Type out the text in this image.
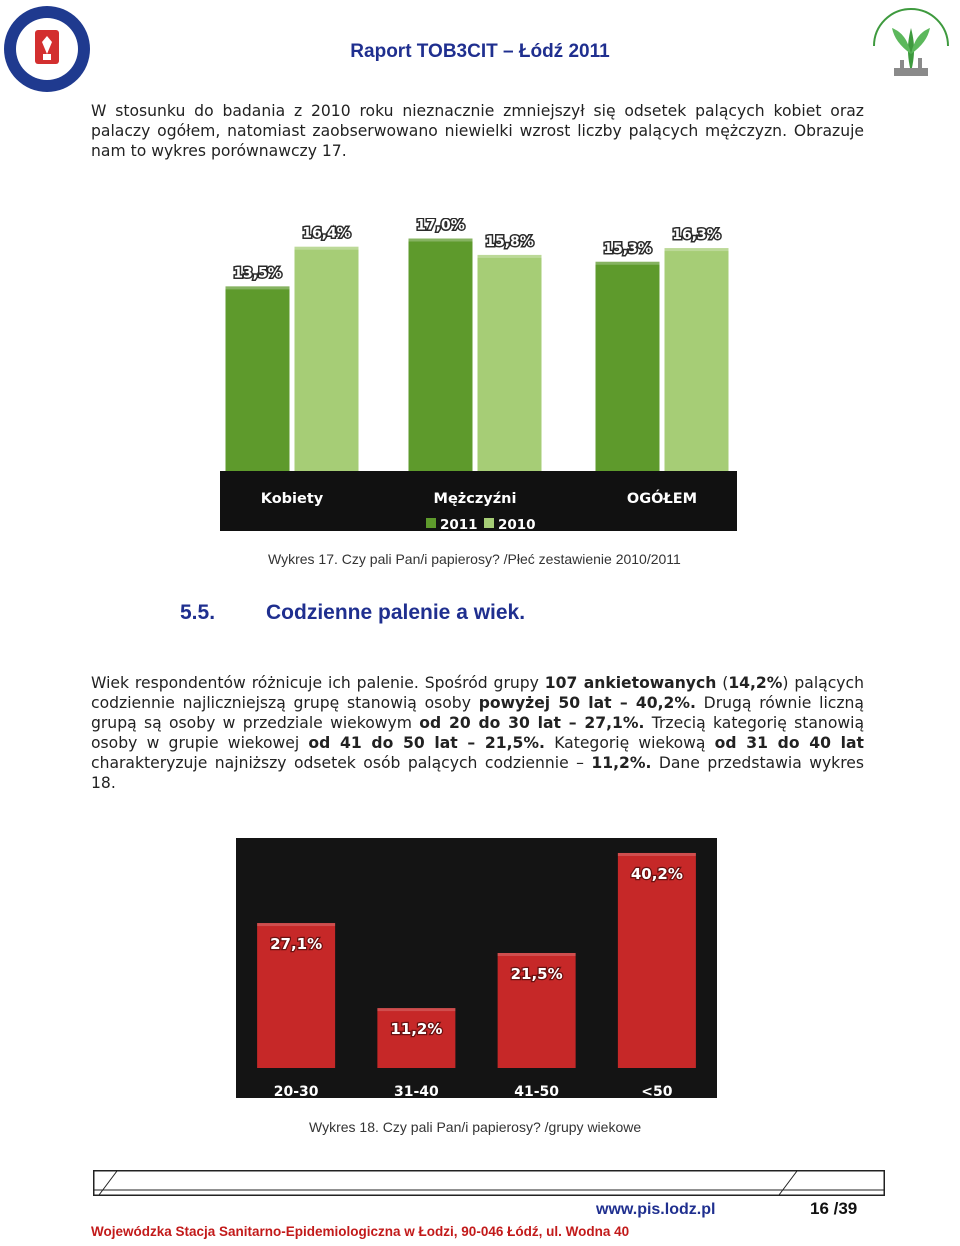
Raport TOB3CIT – Łódź 2011
W stosunku do badania z 2010 roku nieznacznie zmniejszył się odsetek palących kobiet oraz palaczy ogółem, natomiast zaobserwowano niewielki wzrost liczby palących mężczyzn. Obrazuje nam to wykres porównawczy 17.
13,5%
16,4%
17,0%
15,8%	15,3%
16,3%
Kobiety	Mężczyźni	OGÓŁEM
2011 2010
Wykres 17. Czy pali Pan/i papierosy? /Płeć zestawienie 2010/2011
5.5. Codzienne palenie a wiek.
Wiek respondentów różnicuje ich palenie. Spośród grupy 107 ankietowanych (14,2%) palących codziennie najliczniejszą grupę stanowią osoby powyżej 50 lat – 40,2%. Drugą równie liczną grupą są osoby w przedziale wiekowym od 20 do 30 lat – 27,1%. Trzecią kategorię stanowią osoby w grupie wiekowej od 41 do 50 lat – 21,5%. Kategorię wiekową od 31 do 40 lat charakteryzuje najniższy odsetek osób palących codziennie – 11,2%. Dane przedstawia wykres 18.
27,1%
11,2%
21,5%
40,2%
20-30	31-40	41-50	<50
Wykres 18. Czy pali Pan/i papierosy? /grupy wiekowe
www.pis.lodz.pl	16 /39
Wojewódzka Stacja Sanitarno-Epidemiologiczna w Łodzi, 90-046 Łódź, ul. Wodna 40
